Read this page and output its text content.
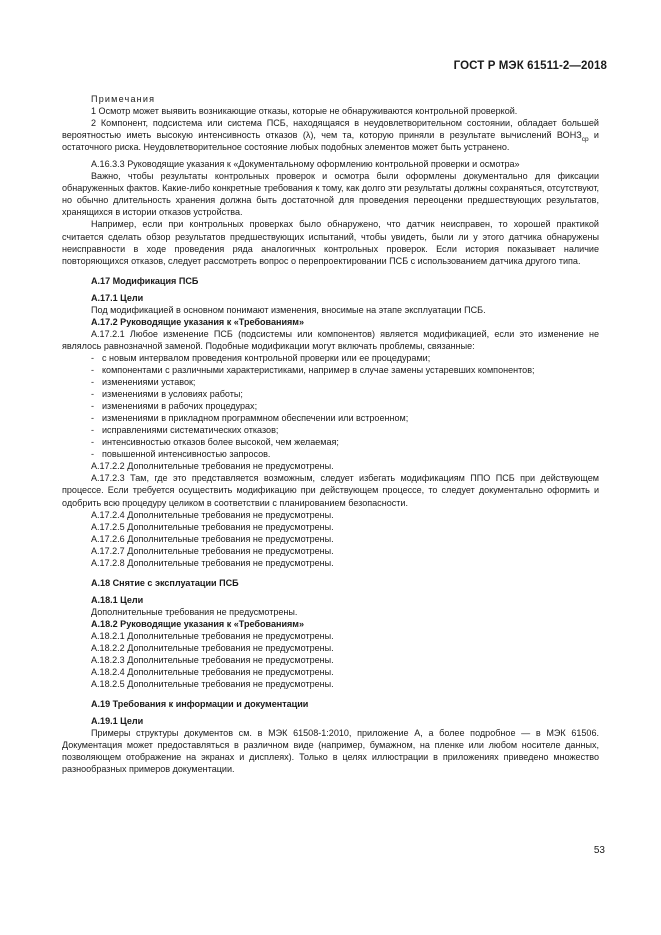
ГОСТ Р МЭК 61511-2—2018

Примечания

1 Осмотр может выявить возникающие отказы, которые не обнаруживаются контрольной проверкой.

2 Компонент, подсистема или система ПСБ, находящаяся в неудовлетворительном состоянии, обладает большей вероятностью иметь высокую интенсивность отказов (λ), чем та, которую приняли в результате вычислений $ВОНЗ_{ср}$ и остаточного риска. Неудовлетворительное состояние любых подобных элементов может быть устранено.

А.16.3.3 Руководящие указания к «Документальному оформлению контрольной проверки и осмотра»

Важно, чтобы результаты контрольных проверок и осмотра были оформлены документально для фиксации обнаруженных фактов. Какие-либо конкретные требования к тому, как долго эти результаты должны сохраняться, отсутствуют, но обычно длительность хранения должна быть достаточной для проведения переоценки предшествующих результатов, хранящихся в истории отказов устройства.

Например, если при контрольных проверках было обнаружено, что датчик неисправен, то хорошей практикой считается сделать обзор результатов предшествующих испытаний, чтобы увидеть, были ли у этого датчика обнаружены неисправности в ходе проведения ряда аналогичных контрольных проверок. Если история показывает наличие повторяющихся отказов, следует рассмотреть вопрос о перепроектировании ПСБ с использованием датчика другого типа.

А.17 Модификация ПСБ

А.17.1 Цели

Под модификацией в основном понимают изменения, вносимые на этапе эксплуатации ПСБ.

А.17.2 Руководящие указания к «Требованиям»

А.17.2.1 Любое изменение ПСБ (подсистемы или компонентов) является модификацией, если это изменение не являлось равнозначной заменой. Подобные модификации могут включать проблемы, связанные:

- с новым интервалом проведения контрольной проверки или ее процедурами;

- компонентами с различными характеристиками, например в случае замены устаревших компонентов;

- изменениями уставок;

- изменениями в условиях работы;

- изменениями в рабочих процедурах;

- изменениями в прикладном программном обеспечении или встроенном;

- исправлениями систематических отказов;

- интенсивностью отказов более высокой, чем желаемая;

- повышенной интенсивностью запросов.

А.17.2.2 Дополнительные требования не предусмотрены.

А.17.2.3 Там, где это представляется возможным, следует избегать модификациям ППО ПСБ при действующем процессе. Если требуется осуществить модификацию при действующем процессе, то следует документально оформить и одобрить всю процедуру целиком в соответствии с планированием безопасности.

А.17.2.4 Дополнительные требования не предусмотрены.

А.17.2.5 Дополнительные требования не предусмотрены.

А.17.2.6 Дополнительные требования не предусмотрены.

А.17.2.7 Дополнительные требования не предусмотрены.

А.17.2.8 Дополнительные требования не предусмотрены.

А.18 Снятие с эксплуатации ПСБ

А.18.1 Цели

Дополнительные требования не предусмотрены.

А.18.2 Руководящие указания к «Требованиям»

А.18.2.1 Дополнительные требования не предусмотрены.

А.18.2.2 Дополнительные требования не предусмотрены.

А.18.2.3 Дополнительные требования не предусмотрены.

А.18.2.4 Дополнительные требования не предусмотрены.

А.18.2.5 Дополнительные требования не предусмотрены.

А.19 Требования к информации и документации

А.19.1 Цели

Примеры структуры документов см. в МЭК 61508-1:2010, приложение А, а более подробное — в МЭК 61506. Документация может предоставляться в различном виде (например, бумажном, на пленке или любом носителе данных, позволяющем отображение на экранах и дисплеях). Только в целях иллюстрации в приложениях приведено множество разнообразных примеров документации.

53
